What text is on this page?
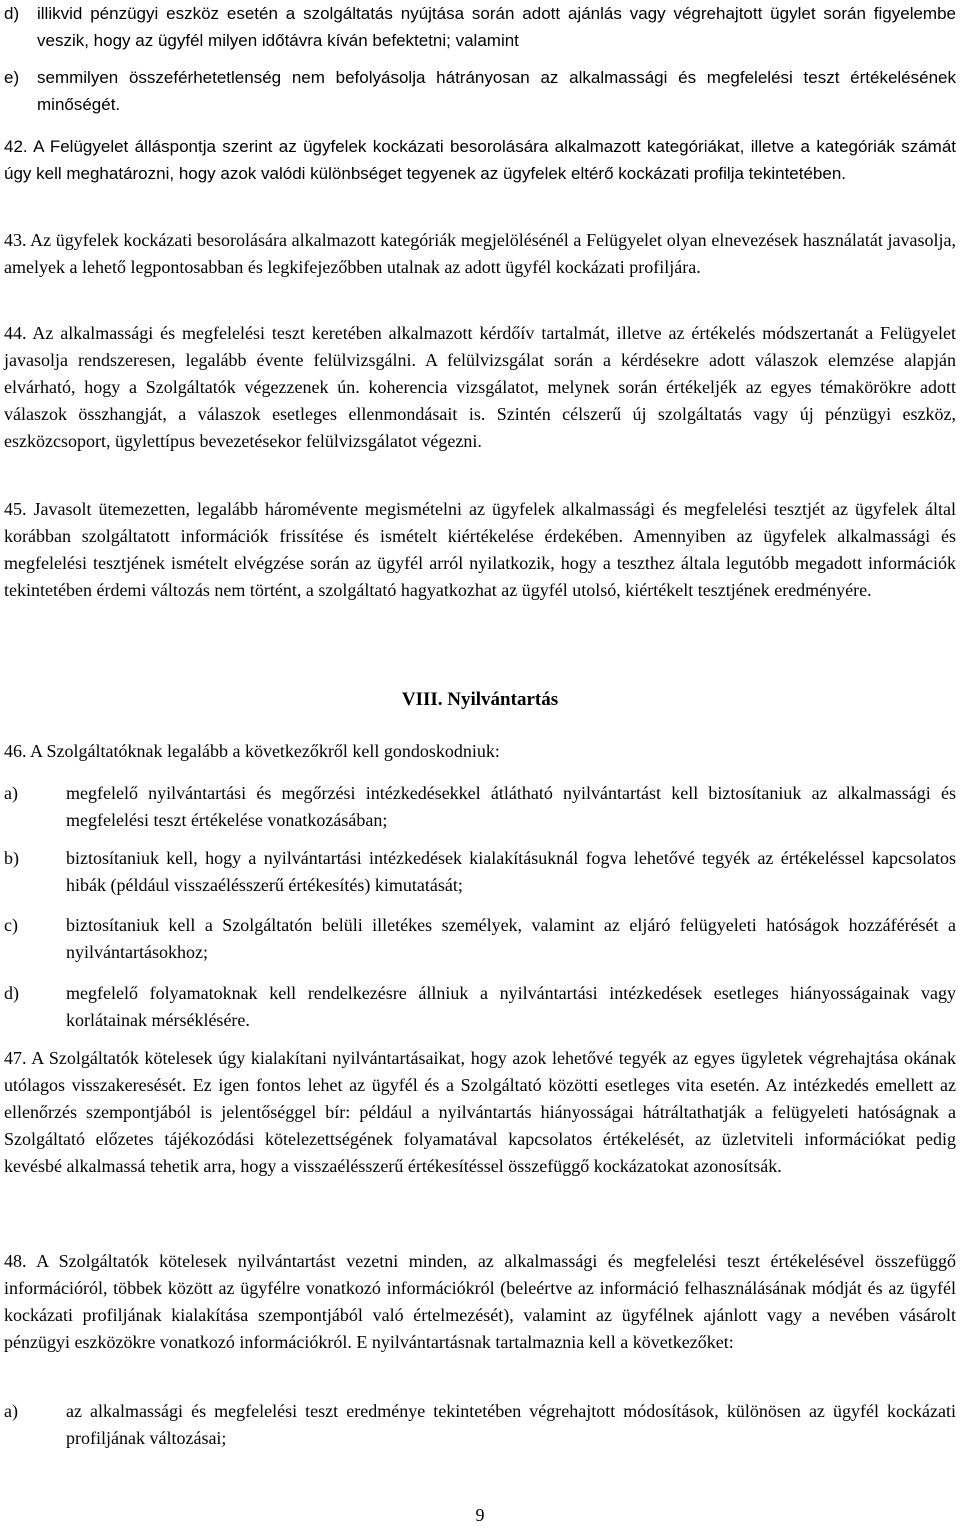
d) illikvid pénzügyi eszköz esetén a szolgáltatás nyújtása során adott ajánlás vagy végrehajtott ügylet során figyelembe veszik, hogy az ügyfél milyen időtávra kíván befektetni; valamint
e) semmilyen összeférhetetlenség nem befolyásolja hátrányosan az alkalmassági és megfelelési teszt értékelésének minőségét.

42. A Felügyelet álláspontja szerint az ügyfelek kockázati besorolására alkalmazott kategóriákat, illetve a kategóriák számát úgy kell meghatározni, hogy azok valódi különbséget tegyenek az ügyfelek eltérő kockázati profilja tekintetében.

43. Az ügyfelek kockázati besorolására alkalmazott kategóriák megjelölésénél a Felügyelet olyan elnevezések használatát javasolja, amelyek a lehető legpontosabban és legkifejezőbben utalnak az adott ügyfél kockázati profiljára.

44. Az alkalmassági és megfelelési teszt keretében alkalmazott kérdőív tartalmát, illetve az értékelés módszertanát a Felügyelet javasolja rendszeresen, legalább évente felülvizsgálni. A felülvizsgálat során a kérdésekre adott válaszok elemzése alapján elvárható, hogy a Szolgáltatók végezzenek ún. koherencia vizsgálatot, melynek során értékeljék az egyes témakörökre adott válaszok összhangját, a válaszok esetleges ellenmondásait is. Szintén célszerű új szolgáltatás vagy új pénzügyi eszköz, eszközcsoport, ügylettípus bevezetésekor felülvizsgálatot végezni.

45. Javasolt ütemezetten, legalább háromévente megismételni az ügyfelek alkalmassági és megfelelési tesztjét az ügyfelek által korábban szolgáltatott információk frissítése és ismételt kiértékelése érdekében. Amennyiben az ügyfelek alkalmassági és megfelelési tesztjének ismételt elvégzése során az ügyfél arról nyilatkozik, hogy a teszthez általa legutóbb megadott információk tekintetében érdemi változás nem történt, a szolgáltató hagyatkozhat az ügyfél utolsó, kiértékelt tesztjének eredményére.

VIII. Nyilvántartás

46. A Szolgáltatóknak legalább a következőkről kell gondoskodniuk:

a)	megfelelő nyilvántartási és megőrzési intézkedésekkel átlátható nyilvántartást kell biztosítaniuk az alkalmassági és megfelelési teszt értékelése vonatkozásában;
b)	biztosítaniuk kell, hogy a nyilvántartási intézkedések kialakításuknál fogva lehetővé tegyék az értékeléssel kapcsolatos hibák (például visszaélésszerű értékesítés) kimutatását;
c)	biztosítaniuk kell a Szolgáltatón belüli illetékes személyek, valamint az eljáró felügyeleti hatóságok hozzáférését a nyilvántartásokhoz;
d)	megfelelő folyamatoknak kell rendelkezésre állniuk a nyilvántartási intézkedések esetleges hiányosságainak vagy korlátainak mérséklésére.

47. A Szolgáltatók kötelesek úgy kialakítani nyilvántartásaikat, hogy azok lehetővé tegyék az egyes ügyletek végrehajtása okának utólagos visszakeresését. Ez igen fontos lehet az ügyfél és a Szolgáltató közötti esetleges vita esetén. Az intézkedés emellett az ellenőrzés szempontjából is jelentőséggel bír: például a nyilvántartás hiányosságai hátráltathatják a felügyeleti hatóságnak a Szolgáltató előzetes tájékozódási kötelezettségének folyamatával kapcsolatos értékelését, az üzletviteli információkat pedig kevésbé alkalmassá tehetik arra, hogy a visszaélésszerű értékesítéssel összefüggő kockázatokat azonosítsák.

48. A Szolgáltatók kötelesek nyilvántartást vezetni minden, az alkalmassági és megfelelési teszt értékelésével összefüggő információról, többek között az ügyfélre vonatkozó információkról (beleértve az információ felhasználásának módját és az ügyfél kockázati profiljának kialakítása szempontjából való értelmezését), valamint az ügyfélnek ajánlott vagy a nevében vásárolt pénzügyi eszközökre vonatkozó információkról. E nyilvántartásnak tartalmaznia kell a következőket:

a)	az alkalmassági és megfelelési teszt eredménye tekintetében végrehajtott módosítások, különösen az ügyfél kockázati profiljának változásai;
9
